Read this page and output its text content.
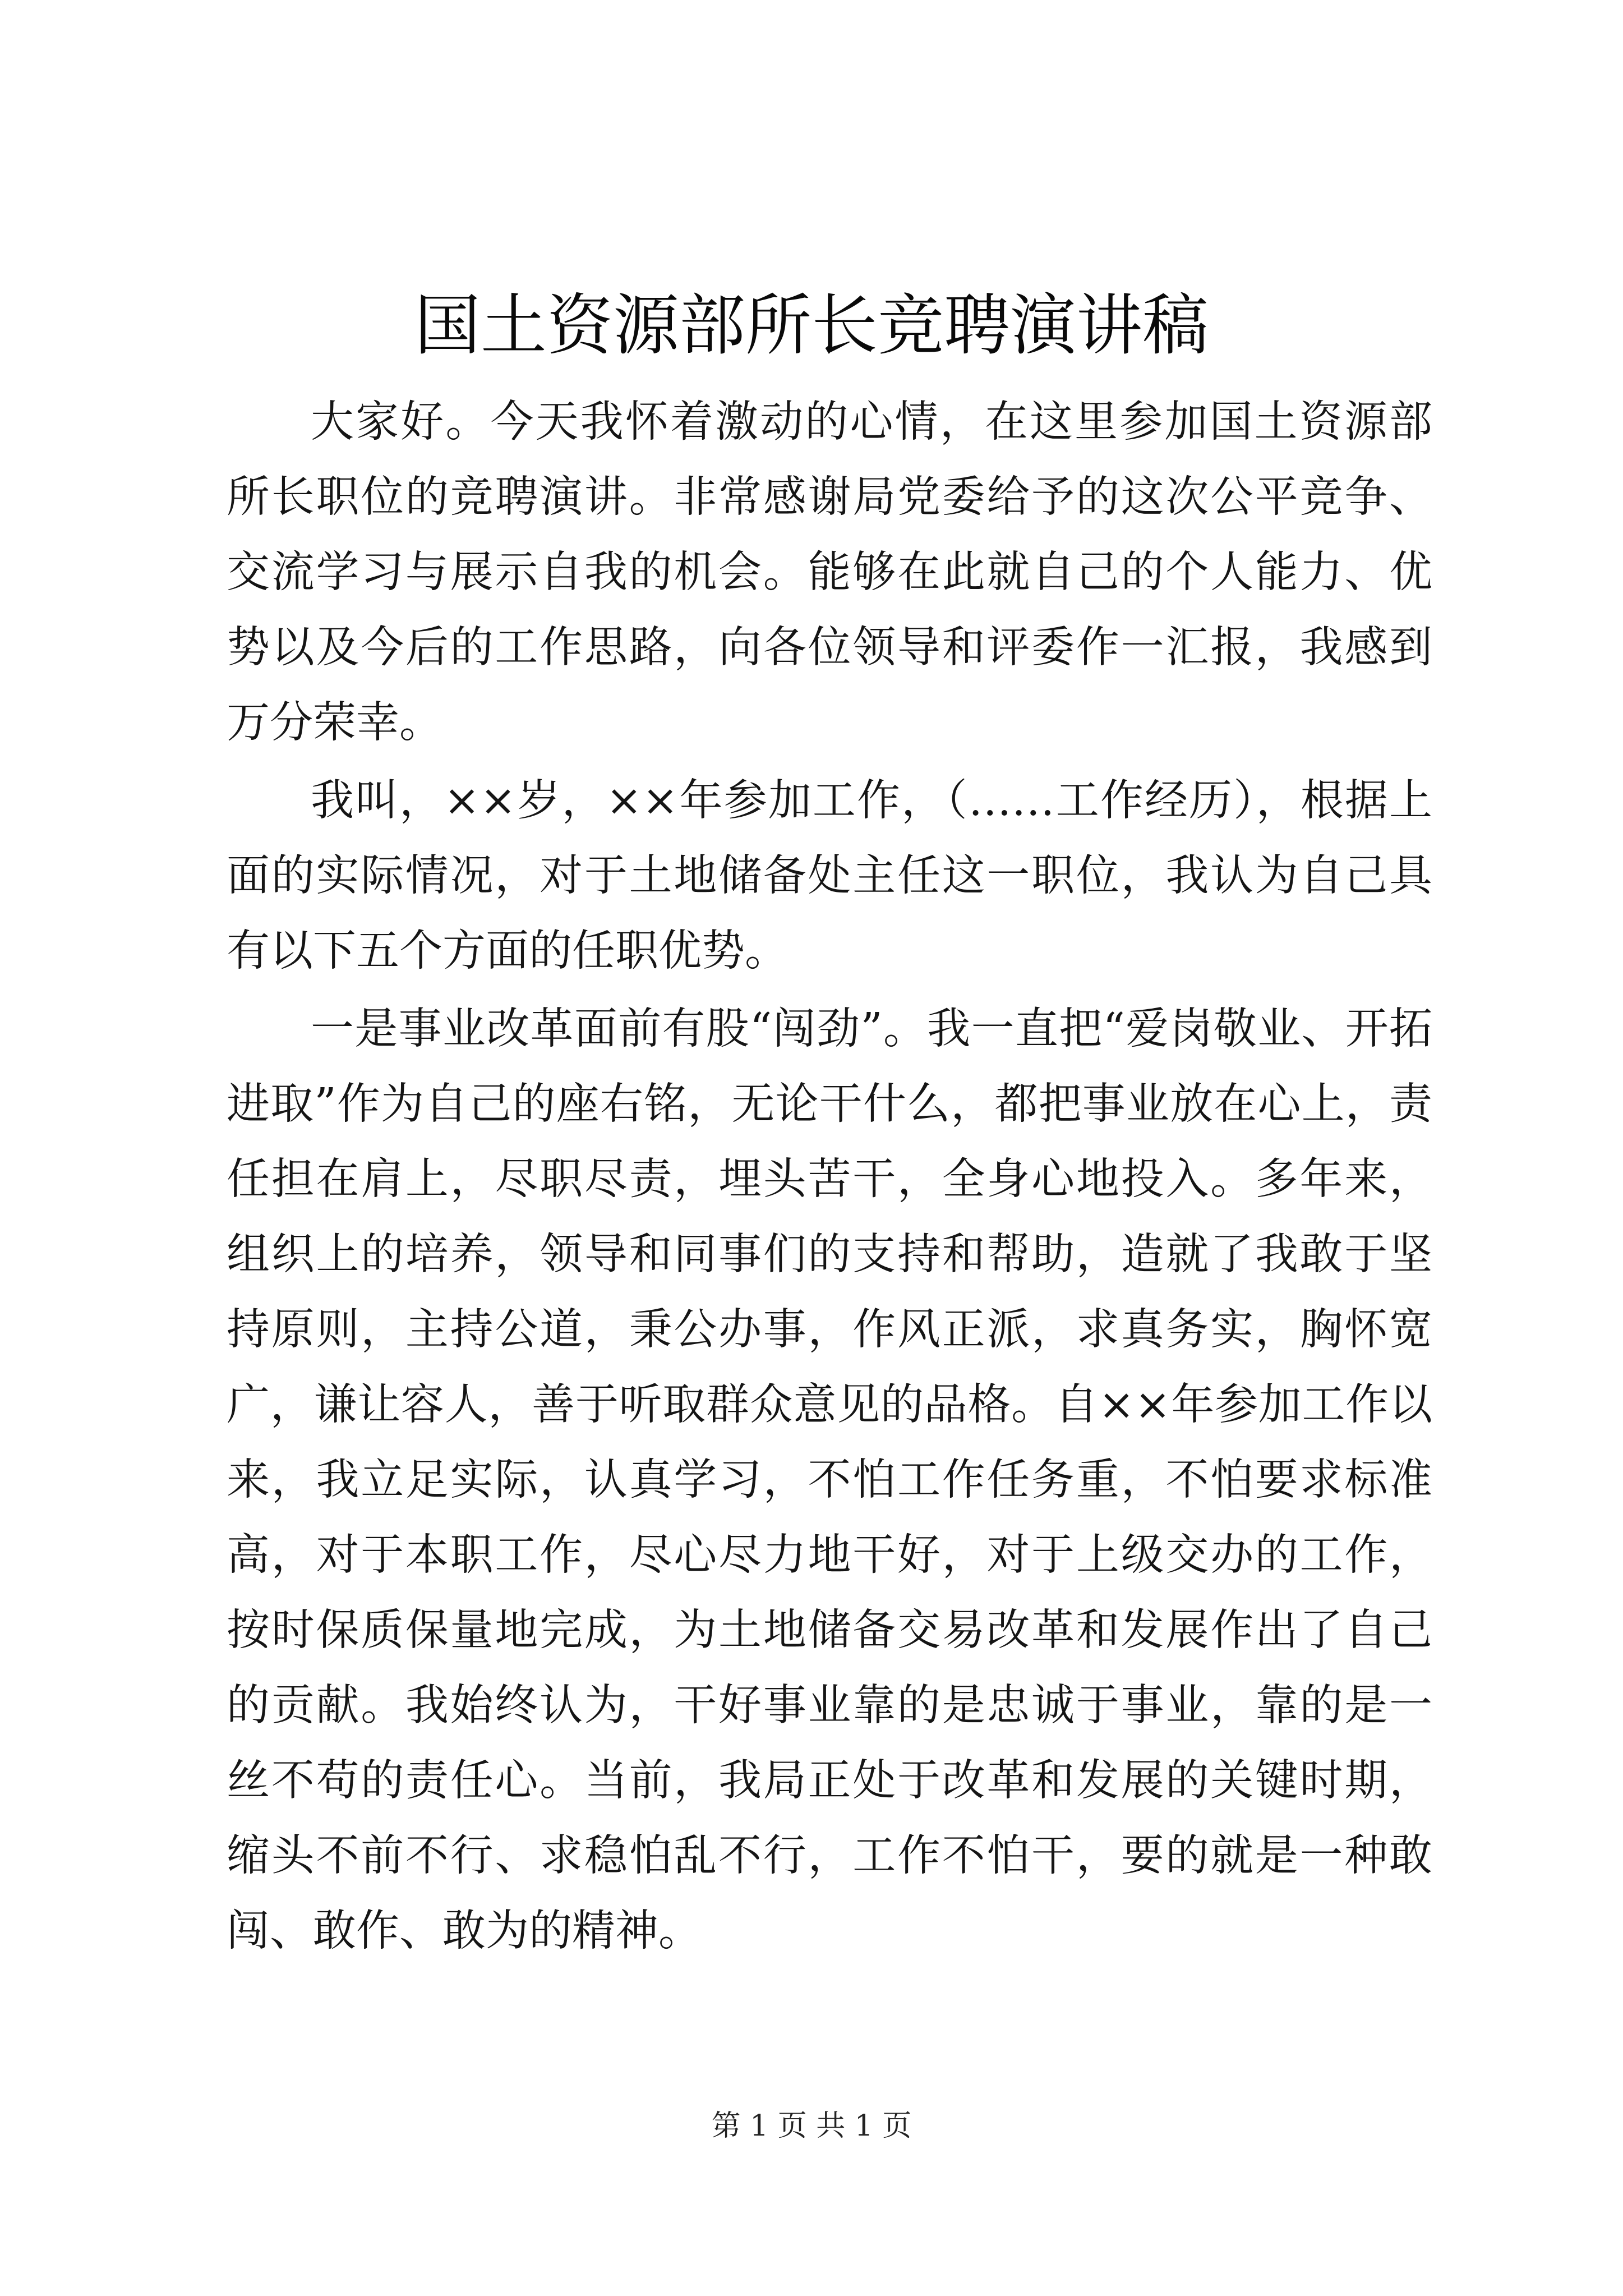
国土资源部所长竞聘演讲稿

大家好。今天我怀着激动的心情，在这里参加国土资源部所长职位的竞聘演讲。非常感谢局党委给予的这次公平竞争、交流学习与展示自我的机会。能够在此就自己的个人能力、优势以及今后的工作思路，向各位领导和评委作一汇报，我感到万分荣幸。

我叫，××岁，××年参加工作，（……工作经历），根据上面的实际情况，对于土地储备处主任这一职位，我认为自己具有以下五个方面的任职优势。

一是事业改革面前有股“闯劲”。我一直把“爱岗敬业、开拓进取”作为自己的座右铭，无论干什么，都把事业放在心上，责任担在肩上，尽职尽责，埋头苦干，全身心地投入。多年来，组织上的培养，领导和同事们的支持和帮助，造就了我敢于坚持原则，主持公道，秉公办事，作风正派，求真务实，胸怀宽广，谦让容人，善于听取群众意见的品格。自××年参加工作以来，我立足实际，认真学习，不怕工作任务重，不怕要求标准高，对于本职工作，尽心尽力地干好，对于上级交办的工作，按时保质保量地完成，为土地储备交易改革和发展作出了自己的贡献。我始终认为，干好事业靠的是忠诚于事业，靠的是一丝不苟的责任心。当前，我局正处于改革和发展的关键时期，缩头不前不行、求稳怕乱不行，工作不怕干，要的就是一种敢闯、敢作、敢为的精神。

第 1 页 共 1 页
